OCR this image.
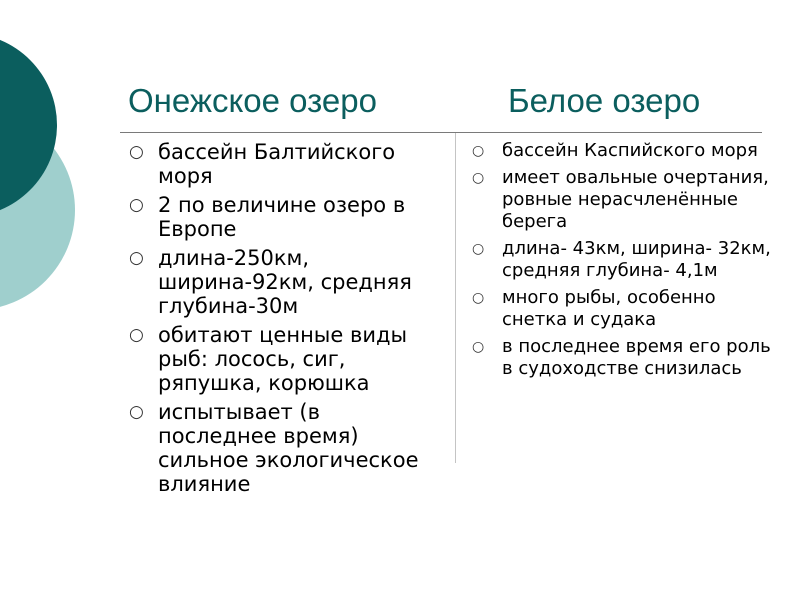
Онежское озеро	Белое озеро
○ бассейн Балтийского моря
○ 2 по величине озеро в Европе
○ длина-250км, ширина-92км, средняя глубина-30м
○ обитают ценные виды рыб: лосось, сиг, ряпушка, корюшка
○ испытывает (в последнее время) сильное экологическое влияние
○ бассейн Каспийского моря
○ имеет овальные очертания, ровные нерасчленённые берега
○ длина- 43км, ширина- 32км, средняя глубина- 4,1м
○ много рыбы, особенно снетка и судака
○ в последнее время его роль в судоходстве снизилась
